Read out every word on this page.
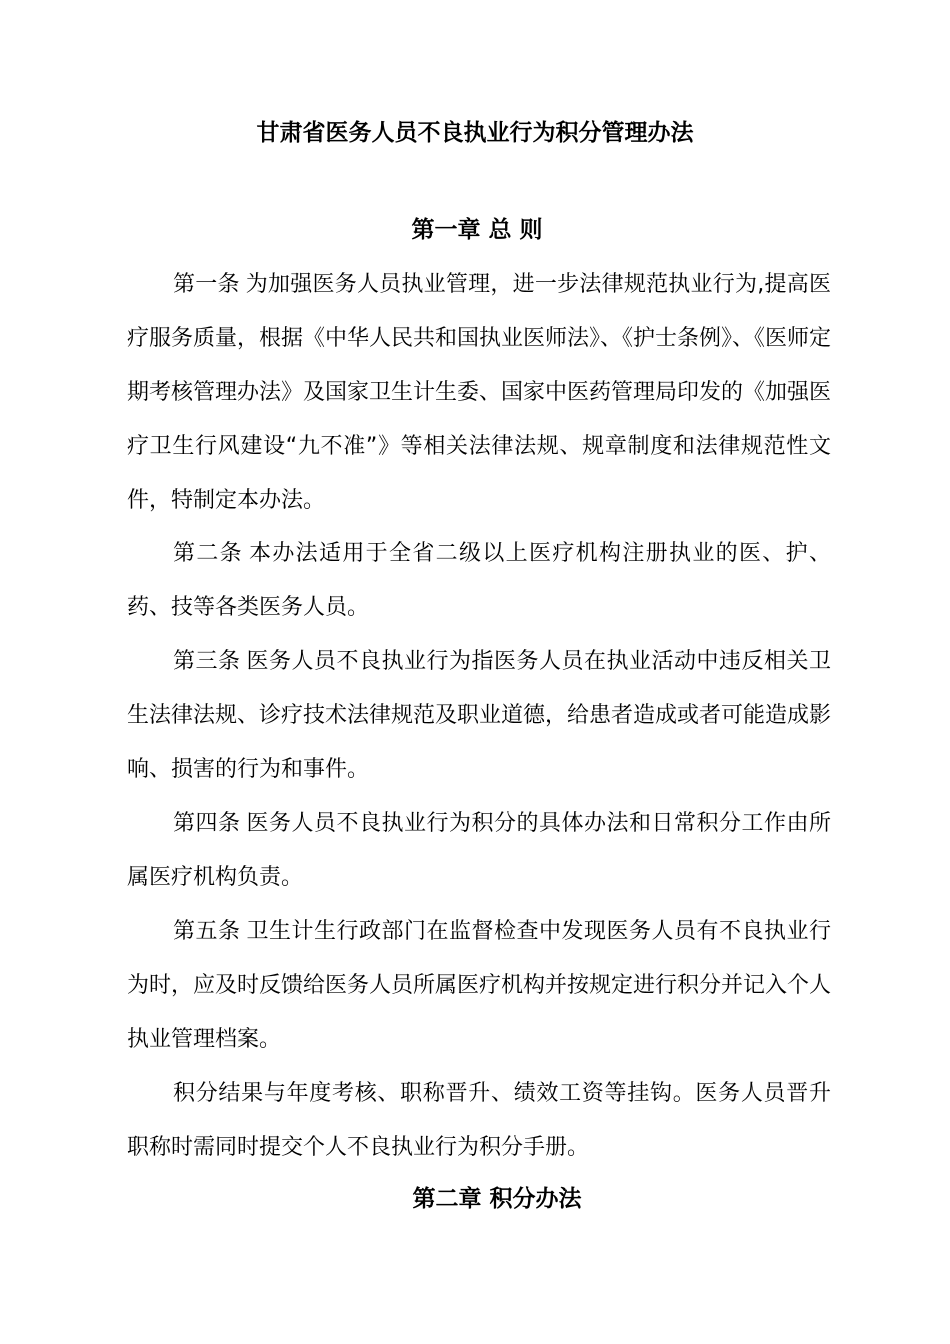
甘肃省医务人员不良执业行为积分管理办法
第一章 总 则

第一条 为加强医务人员执业管理，进一步法律规范执业行为,提高医疗服务质量，根据《中华人民共和国执业医师法》、《护士条例》、《医师定期考核管理办法》及国家卫生计生委、国家中医药管理局印发的《加强医疗卫生行风建设“九不准”》等相关法律法规、规章制度和法律规范性文件，特制定本办法。

第二条 本办法适用于全省二级以上医疗机构注册执业的医、护、药、技等各类医务人员。

第三条 医务人员不良执业行为指医务人员在执业活动中违反相关卫生法律法规、诊疗技术法律规范及职业道德，给患者造成或者可能造成影响、损害的行为和事件。

第四条 医务人员不良执业行为积分的具体办法和日常积分工作由所属医疗机构负责。

第五条 卫生计生行政部门在监督检查中发现医务人员有不良执业行为时，应及时反馈给医务人员所属医疗机构并按规定进行积分并记入个人执业管理档案。

积分结果与年度考核、职称晋升、绩效工资等挂钩。医务人员晋升职称时需同时提交个人不良执业行为积分手册。

第二章 积分办法
